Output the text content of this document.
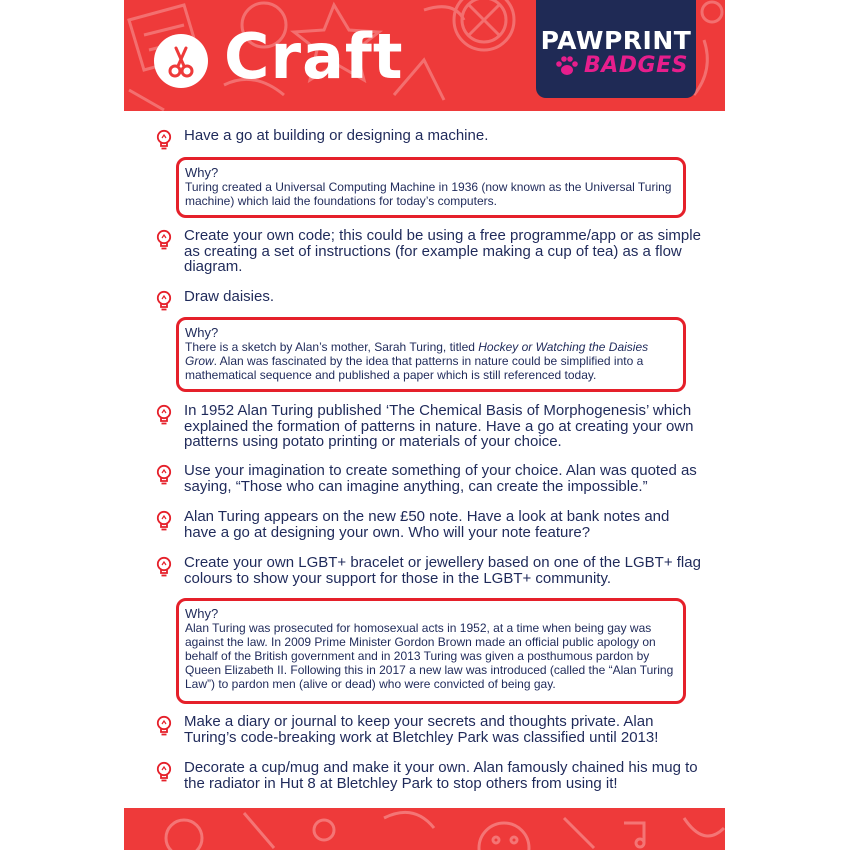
Craft	PAWPRINT
BADGES
Have a go at building or designing a machine.
Why?
Turing created a Universal Computing Machine in 1936 (now known as the Universal Turing machine) which laid the foundations for today’s computers.
Create your own code; this could be using a free programme/app or as simple as creating a set of instructions (for example making a cup of tea) as a flow diagram.
Draw daisies.
Why?
There is a sketch by Alan’s mother, Sarah Turing, titled Hockey or Watching the Daisies Grow. Alan was fascinated by the idea that patterns in nature could be simplified into a mathematical sequence and published a paper which is still referenced today.
In 1952 Alan Turing published ‘The Chemical Basis of Morphogenesis’ which explained the formation of patterns in nature. Have a go at creating your own patterns using potato printing or materials of your choice.
Use your imagination to create something of your choice. Alan was quoted as saying, “Those who can imagine anything, can create the impossible.”
Alan Turing appears on the new £50 note. Have a look at bank notes and have a go at designing your own. Who will your note feature?
Create your own LGBT+ bracelet or jewellery based on one of the LGBT+ flag colours to show your support for those in the LGBT+ community.
Why?
Alan Turing was prosecuted for homosexual acts in 1952, at a time when being gay was against the law. In 2009 Prime Minister Gordon Brown made an official public apology on behalf of the British government and in 2013 Turing was given a posthumous pardon by Queen Elizabeth II. Following this in 2017 a new law was introduced (called the “Alan Turing Law”) to pardon men (alive or dead) who were convicted of being gay.
Make a diary or journal to keep your secrets and thoughts private. Alan Turing’s code-breaking work at Bletchley Park was classified until 2013!
Decorate a cup/mug and make it your own. Alan famously chained his mug to the radiator in Hut 8 at Bletchley Park to stop others from using it!
